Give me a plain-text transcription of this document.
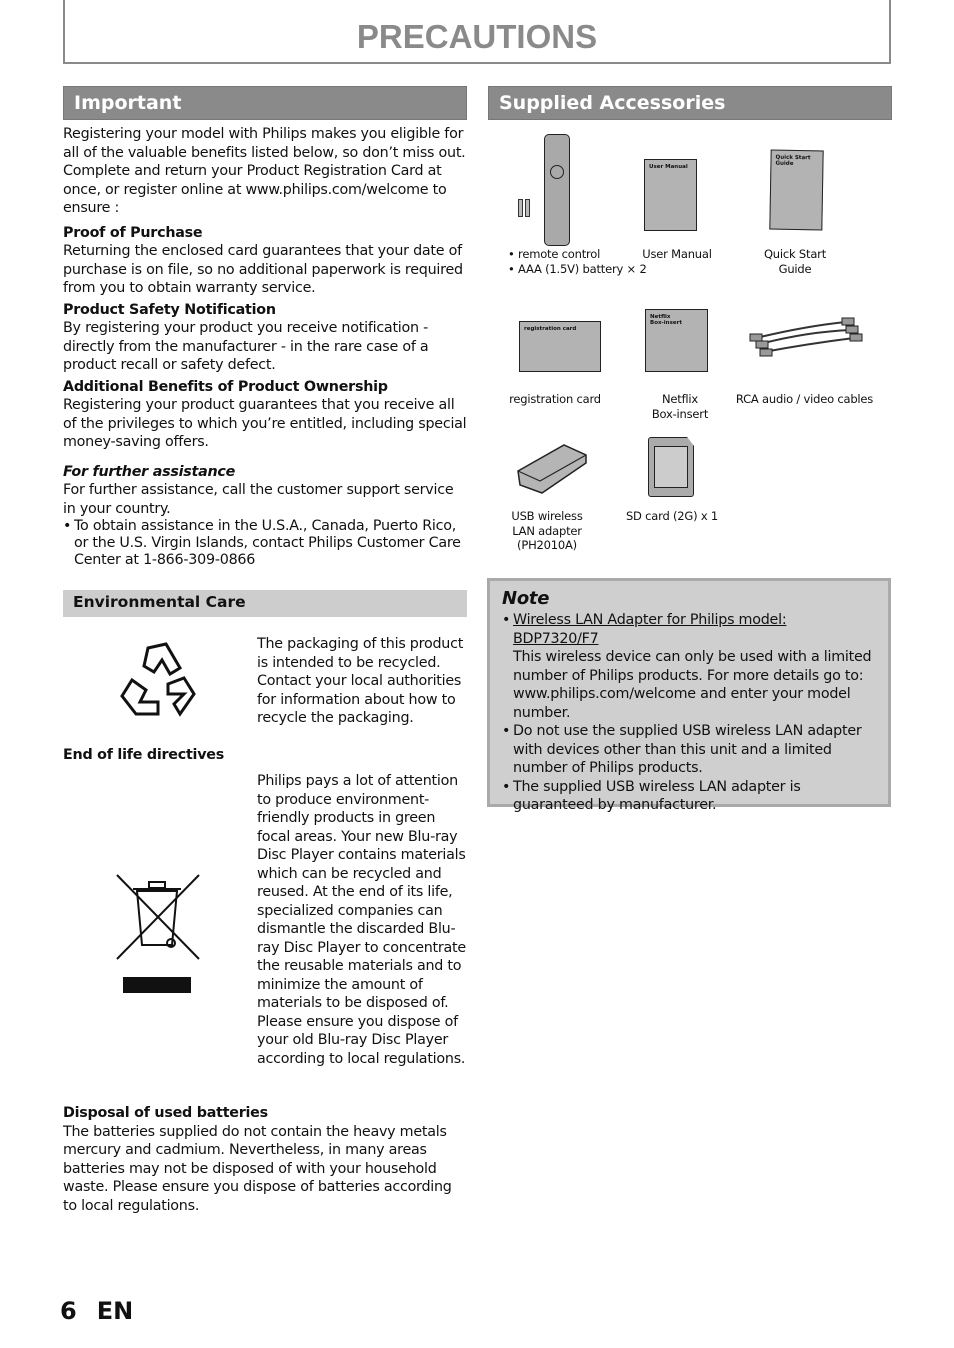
PRECAUTIONS
Important

Registering your model with Philips makes you eligible for all of the valuable benefits listed below, so don’t miss out. Complete and return your Product Registration Card at once, or register online at www.philips.com/welcome to ensure :

Proof of Purchase

Returning the enclosed card guarantees that your date of purchase is on file, so no additional paperwork is required from you to obtain warranty service.

Product Safety Notification

By registering your product you receive notification - directly from the manufacturer - in the rare case of a product recall or safety defect.

Additional Benefits of Product Ownership

Registering your product guarantees that you receive all of the privileges to which you’re entitled, including special money-saving offers.

For further assistance

For further assistance, call the customer support service in your country.

• To obtain assistance in the U.S.A., Canada, Puerto Rico, or the U.S. Virgin Islands, contact Philips Customer Care Center at 1-866-309-0866
Environmental Care

The packaging of this product is intended to be recycled. Contact your local authorities for information about how to recycle the packaging.

End of life directives

Philips pays a lot of attention to produce environment-friendly products in green focal areas. Your new Blu-ray Disc Player contains materials which can be recycled and reused. At the end of its life, specialized companies can dismantle the discarded Blu-ray Disc Player to concentrate the reusable materials and to minimize the amount of materials to be disposed of. Please ensure you dispose of your old Blu-ray Disc Player according to local regulations.

Disposal of used batteries

The batteries supplied do not contain the heavy metals mercury and cadmium. Nevertheless, in many areas batteries may not be disposed of with your household waste. Please ensure you dispose of batteries according to local regulations.

Supplied Accessories

• remote control

• AAA (1.5V) battery × 2

User Manual

User Manual

Quick Start Guide

Quick Start

Guide

registration card

registration card

Netflix

Box-insert

Netflix

Box-insert

RCA audio / video cables

USB wireless

LAN adapter

(PH2010A)

SD card (2G) x 1

Note

• Wireless LAN Adapter for Philips model: BDP7320/F7
This wireless device can only be used with a limited number of Philips products. For more details go to: www.philips.com/welcome and enter your model number.
• Do not use the supplied USB wireless LAN adapter with devices other than this unit and a limited number of Philips products.
• The supplied USB wireless LAN adapter is guaranteed by manufacturer.
6 EN
